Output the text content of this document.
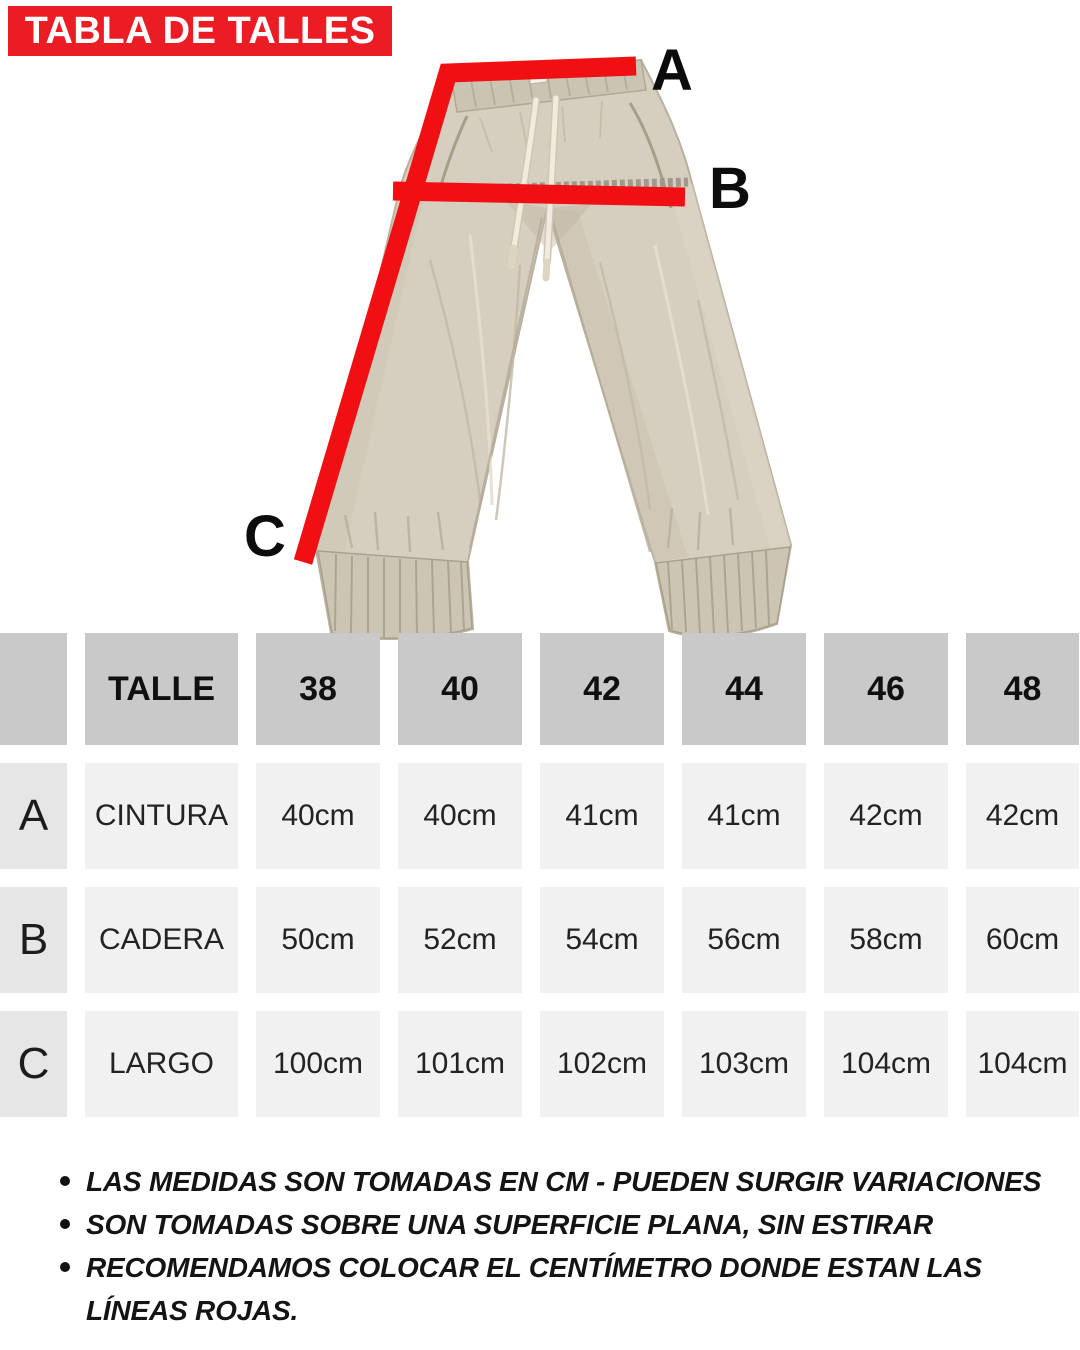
TABLA DE TALLES
A
B
C
TALLE	38	40	42	44	46	48
A	CINTURA	40cm	40cm	41cm	41cm	42cm	42cm
B	CADERA	50cm	52cm	54cm	56cm	58cm	60cm
C	LARGO	100cm	101cm	102cm	103cm	104cm	104cm
LAS MEDIDAS SON TOMADAS EN CM - PUEDEN SURGIR VARIACIONES
SON TOMADAS SOBRE UNA SUPERFICIE PLANA, SIN ESTIRAR
RECOMENDAMOS COLOCAR EL CENTÍMETRO DONDE ESTAN LAS LÍNEAS ROJAS.
